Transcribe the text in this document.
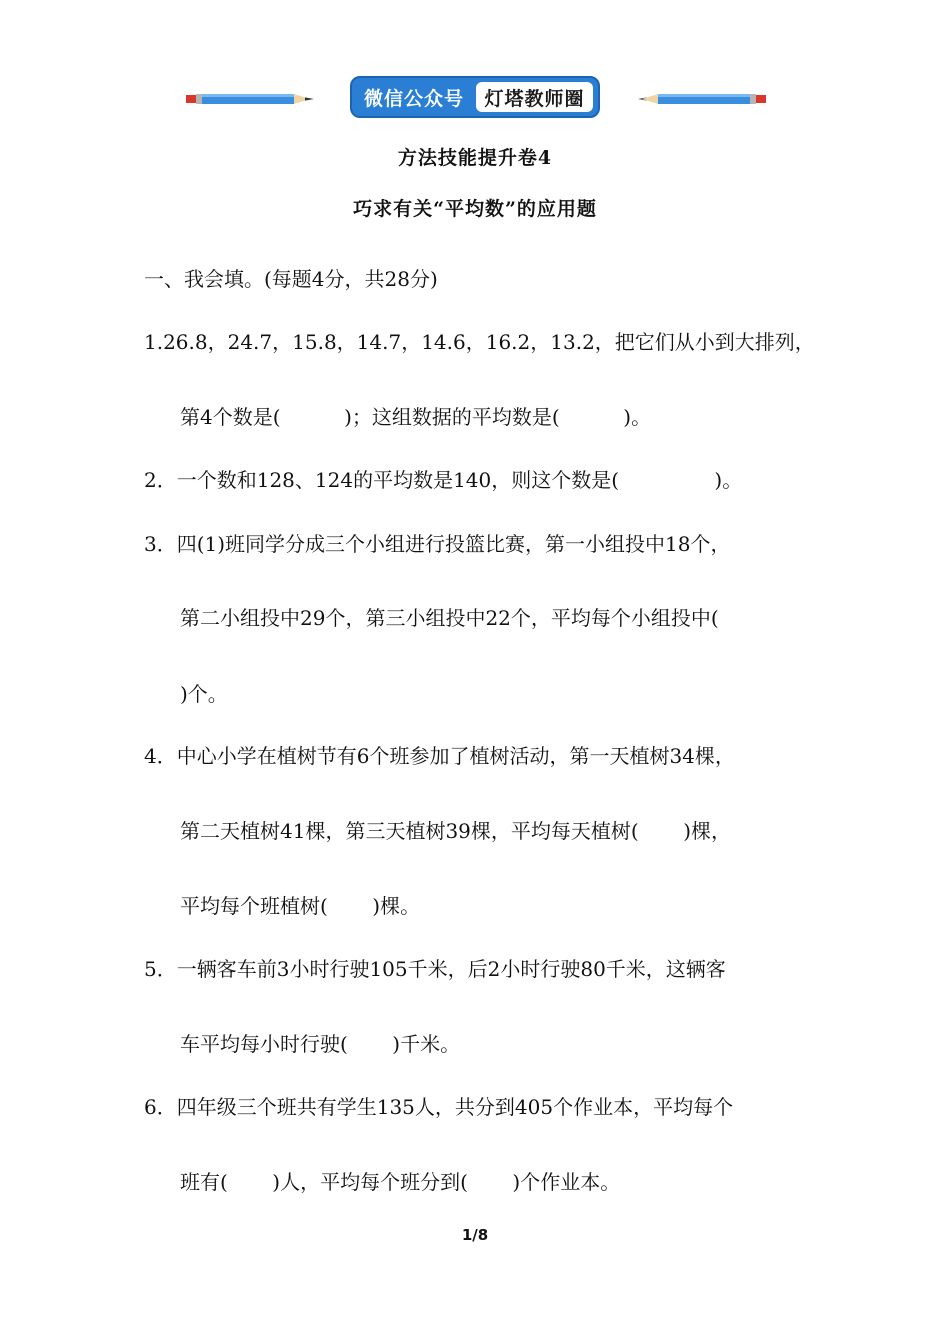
微信公众号	灯塔教师圈
方法技能提升卷4
巧求有关“平均数”的应用题
一、我会填。(每题4分，共28分)
1.26.8，24.7，15.8，14.7，14.6，16.2，13.2，把它们从小到大排列，
第4个数是(          )；这组数据的平均数是(          )。
2．一个数和128、124的平均数是140，则这个数是(               )。
3．四(1)班同学分成三个小组进行投篮比赛，第一小组投中18个，
第二小组投中29个，第三小组投中22个，平均每个小组投中(
)个。
4．中心小学在植树节有6个班参加了植树活动，第一天植树34棵，
第二天植树41棵，第三天植树39棵，平均每天植树(       )棵，
平均每个班植树(       )棵。
5．一辆客车前3小时行驶105千米，后2小时行驶80千米，这辆客
车平均每小时行驶(       )千米。
6．四年级三个班共有学生135人，共分到405个作业本，平均每个
班有(       )人，平均每个班分到(       )个作业本。
1/8
